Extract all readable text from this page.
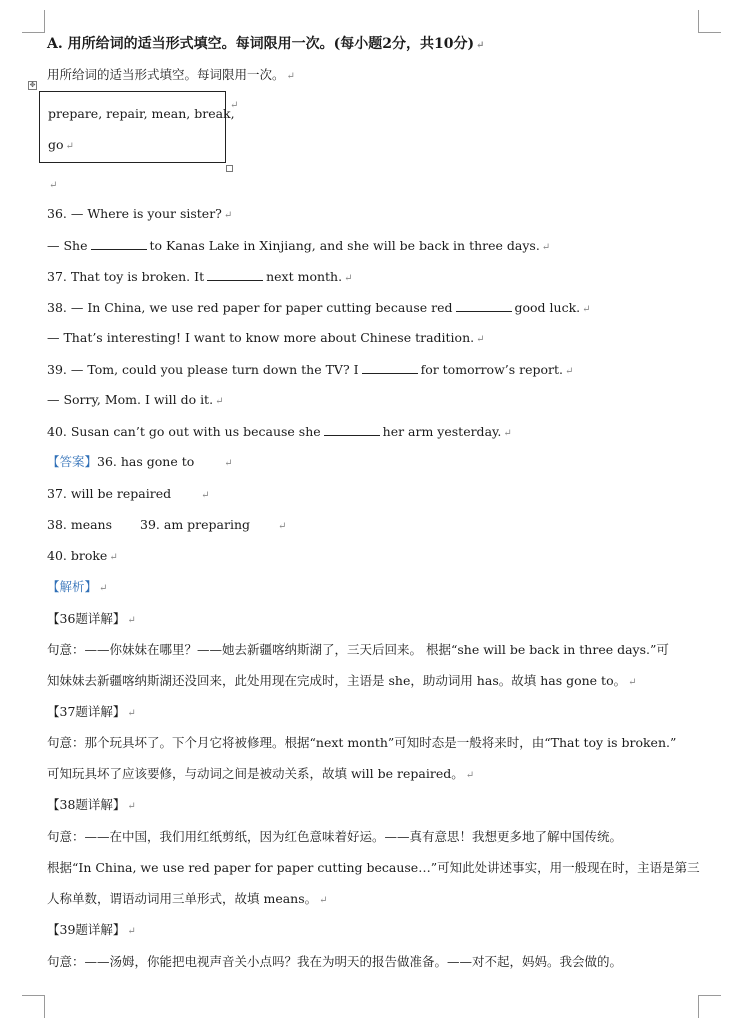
A. 用所给词的适当形式填空。每词限用一次。(每小题2分，共10分) ↵
用所给词的适当形式填空。每词限用一次。 ↵
✥
prepare, repair, mean, break,
go ↵
↵
↵
36. — Where is your sister? ↵
— She	to Kanas Lake in Xinjiang, and she will be back in three days. ↵
37. That toy is broken. It	next month. ↵
38. — In China, we use red paper for paper cutting because red	good luck. ↵
— That’s interesting! I want to know more about Chinese tradition. ↵
39. — Tom, could you please turn down the TV? I	for tomorrow’s report. ↵
— Sorry, Mom. I will do it. ↵
40. Susan can’t go out with us because she	her arm yesterday. ↵
【答案】36. has gone to	↵
37. will be repaired	↵
38. means 39. am preparing	↵
40. broke ↵
【解析】 ↵
【36题详解】 ↵
句意：——你妹妹在哪里？——她去新疆喀纳斯湖了，三天后回来。 根据“she will be back in three days.”可
知妹妹去新疆喀纳斯湖还没回来，此处用现在完成时，主语是 she，助动词用 has。故填 has gone to。 ↵
【37题详解】 ↵
句意：那个玩具坏了。下个月它将被修理。根据“next month”可知时态是一般将来时，由“That toy is broken.”
可知玩具坏了应该要修，与动词之间是被动关系，故填 will be repaired。 ↵
【38题详解】 ↵
句意：——在中国，我们用红纸剪纸，因为红色意味着好运。——真有意思！我想更多地了解中国传统。
根据“In China, we use red paper for paper cutting because…”可知此处讲述事实，用一般现在时，主语是第三
人称单数，谓语动词用三单形式，故填 means。 ↵
【39题详解】 ↵
句意：——汤姆，你能把电视声音关小点吗？我在为明天的报告做准备。——对不起，妈妈。我会做的。
